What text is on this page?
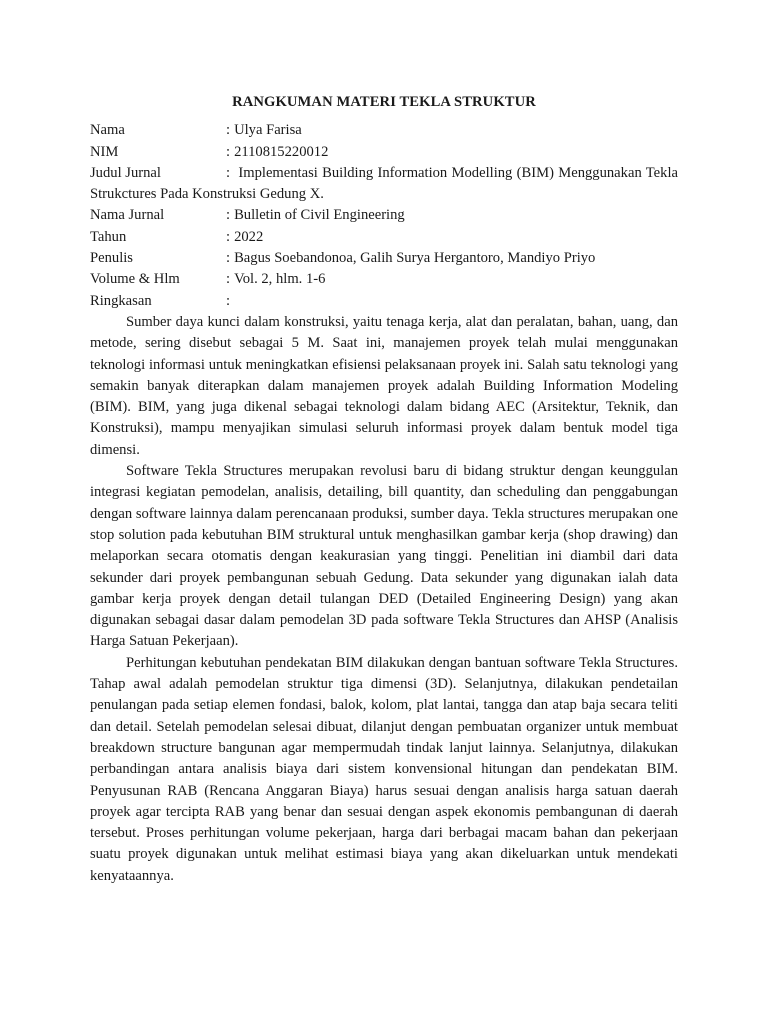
RANGKUMAN MATERI TEKLA STRUKTUR
Nama	: Ulya Farisa
NIM	: 2110815220012
Judul Jurnal	: Implementasi Building Information Modelling (BIM) Menggunakan Tekla Strukctures Pada Konstruksi Gedung X.
Nama Jurnal	: Bulletin of Civil Engineering
Tahun	: 2022
Penulis	: Bagus Soebandonoa, Galih Surya Hergantoro, Mandiyo Priyo
Volume & Hlm	: Vol. 2, hlm. 1-6
Ringkasan	:

Sumber daya kunci dalam konstruksi, yaitu tenaga kerja, alat dan peralatan, bahan, uang, dan metode, sering disebut sebagai 5 M. Saat ini, manajemen proyek telah mulai menggunakan teknologi informasi untuk meningkatkan efisiensi pelaksanaan proyek ini. Salah satu teknologi yang semakin banyak diterapkan dalam manajemen proyek adalah Building Information Modeling (BIM). BIM, yang juga dikenal sebagai teknologi dalam bidang AEC (Arsitektur, Teknik, dan Konstruksi), mampu menyajikan simulasi seluruh informasi proyek dalam bentuk model tiga dimensi.

Software Tekla Structures merupakan revolusi baru di bidang struktur dengan keunggulan integrasi kegiatan pemodelan, analisis, detailing, bill quantity, dan scheduling dan penggabungan dengan software lainnya dalam perencanaan produksi, sumber daya. Tekla structures merupakan one stop solution pada kebutuhan BIM struktural untuk menghasilkan gambar kerja (shop drawing) dan melaporkan secara otomatis dengan keakurasian yang tinggi. Penelitian ini diambil dari data sekunder dari proyek pembangunan sebuah Gedung. Data sekunder yang digunakan ialah data gambar kerja proyek dengan detail tulangan DED (Detailed Engineering Design) yang akan digunakan sebagai dasar dalam pemodelan 3D pada software Tekla Structures dan AHSP (Analisis Harga Satuan Pekerjaan).

Perhitungan kebutuhan pendekatan BIM dilakukan dengan bantuan software Tekla Structures. Tahap awal adalah pemodelan struktur tiga dimensi (3D). Selanjutnya, dilakukan pendetailan penulangan pada setiap elemen fondasi, balok, kolom, plat lantai, tangga dan atap baja secara teliti dan detail. Setelah pemodelan selesai dibuat, dilanjut dengan pembuatan organizer untuk membuat breakdown structure bangunan agar mempermudah tindak lanjut lainnya. Selanjutnya, dilakukan perbandingan antara analisis biaya dari sistem konvensional hitungan dan pendekatan BIM. Penyusunan RAB (Rencana Anggaran Biaya) harus sesuai dengan analisis harga satuan daerah proyek agar tercipta RAB yang benar dan sesuai dengan aspek ekonomis pembangunan di daerah tersebut. Proses perhitungan volume pekerjaan, harga dari berbagai macam bahan dan pekerjaan suatu proyek digunakan untuk melihat estimasi biaya yang akan dikeluarkan untuk mendekati kenyataannya.
